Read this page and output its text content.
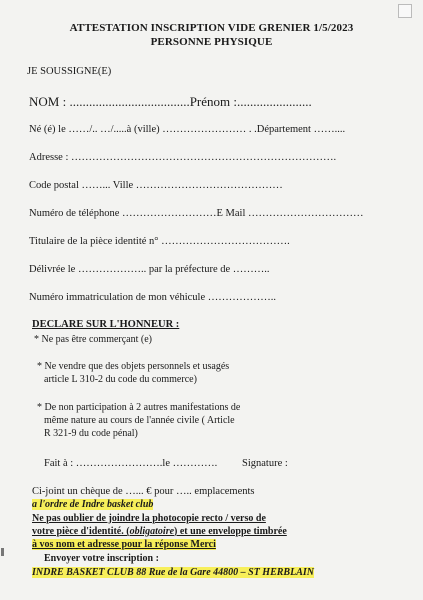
ATTESTATION INSCRIPTION VIDE GRENIER 1/5/2023
PERSONNE PHYSIQUE
JE SOUSSIGNE(E)
NOM : .....................................Prénom :.......................
Né (é) le ……/.. …/.....à (ville) …………………… . .Département ……....
Adresse : ………………………………………………………………….
Code postal ……... Ville ……………………………………
Numéro de téléphone ………………………E Mail ……………………………
Titulaire de la pièce identité n° ……………………………….
Délivrée le ……………….. par la préfecture de ………..
Numéro immatriculation de mon véhicule ………………..
DECLARE SUR L'HONNEUR :
* Ne pas être commerçant (e)
* Ne vendre que des objets personnels et usagés
article L 310-2 du code du commerce)
* De non participation à 2 autres manifestations de
même nature au cours de l'année civile ( Article
R 321-9 du code pénal)
Fait à : …………………….le …………. Signature :
Ci-joint un chèque de …... € pour ….. emplacements
a l'ordre de Indre basket club
Ne pas oublier de joindre la photocopie recto / verso de
votre pièce d'identité. (obligatoire) et une enveloppe timbrée
à vos nom et adresse pour la réponse Merci
Envoyer votre inscription :
INDRE BASKET CLUB 88 Rue de la Gare 44800 – ST HERBLAIN
